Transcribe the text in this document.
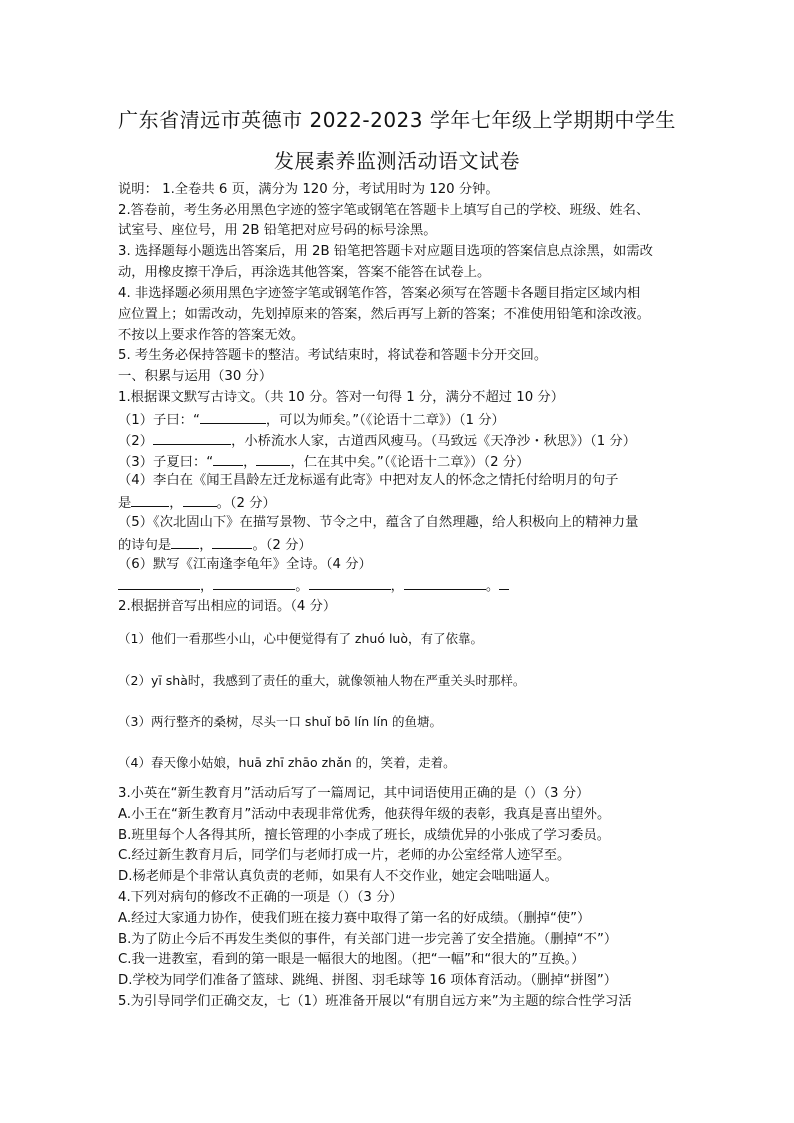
广东省清远市英德市 2022-2023 学年七年级上学期期中学生
发展素养监测活动语文试卷
说明： 1.全卷共 6 页，满分为 120 分，考试用时为 120 分钟。
2.答卷前，考生务必用黑色字迹的签字笔或钢笔在答题卡上填写自己的学校、班级、姓名、
试室号、座位号，用 2B 铅笔把对应号码的标号涂黑。
3. 选择题每小题选出答案后，用 2B 铅笔把答题卡对应题目选项的答案信息点涂黑，如需改
动，用橡皮擦干净后，再涂选其他答案，答案不能答在试卷上。
4. 非选择题必须用黑色字迹签字笔或钢笔作答，答案必须写在答题卡各题目指定区域内相
应位置上；如需改动，先划掉原来的答案，然后再写上新的答案；不准使用铅笔和涂改液。
不按以上要求作答的答案无效。
5. 考生务必保持答题卡的整洁。考试结束时，将试卷和答题卡分开交回。
一、积累与运用（30 分）
1.根据课文默写古诗文。（共 10 分。答对一句得 1 分，满分不超过 10 分）
（1）子曰：“	，可以为师矣。”（《论语十二章》）（1 分）
（2）	，小桥流水人家，古道西风瘦马。（马致远《天净沙・秋思》）（1 分）
（3）子夏曰：“ ，	，仁在其中矣。”（《论语十二章》）（2 分）
（4）李白在《闻王昌龄左迁龙标遥有此寄》中把对友人的怀念之情托付给明月的句子
是	，	。（2 分）
（5）《次北固山下》在描写景物、节令之中，蕴含了自然理趣，给人积极向上的精神力量
的诗句是 ，	。（2 分）
（6）默写《江南逢李龟年》全诗。（4 分）
，	。	，	。
2.根据拼音写出相应的词语。（4 分）
（1）他们一看那些小山，心中便觉得有了 zhuó luò，有了依靠。
（2）yī shà时，我感到了责任的重大，就像领袖人物在严重关头时那样。
（3）两行整齐的桑树，尽头一口 shuǐ bō lín lín 的鱼塘。
（4）春天像小姑娘，huā zhī zhāo zhǎn 的，笑着，走着。
3.小英在“新生教育月”活动后写了一篇周记，其中词语使用正确的是（）（3 分）
A.小王在“新生教育月”活动中表现非常优秀，他获得年级的表彰，我真是喜出望外。
B.班里每个人各得其所，擅长管理的小李成了班长，成绩优异的小张成了学习委员。
C.经过新生教育月后，同学们与老师打成一片，老师的办公室经常人迹罕至。
D.杨老师是个非常认真负责的老师，如果有人不交作业，她定会咄咄逼人。
4.下列对病句的修改不正确的一项是（）（3 分）
A.经过大家通力协作，使我们班在接力赛中取得了第一名的好成绩。（删掉“使”）
B.为了防止今后不再发生类似的事件，有关部门进一步完善了安全措施。（删掉“不”）
C.我一进教室，看到的第一眼是一幅很大的地图。（把“一幅”和“很大的”互换。）
D.学校为同学们准备了篮球、跳绳、拼图、羽毛球等 16 项体育活动。（删掉“拼图”）
5.为引导同学们正确交友，七（1）班准备开展以“有朋自远方来”为主题的综合性学习活
